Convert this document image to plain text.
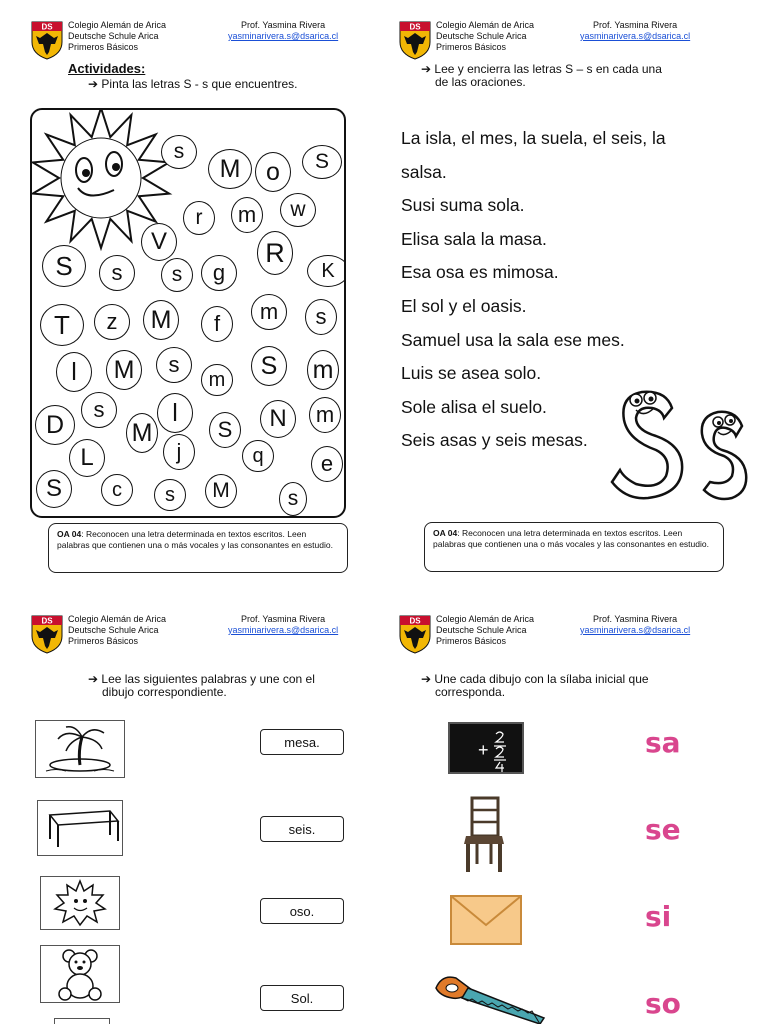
DS Colegio Alemán de Arica
Deutsche Schule Arica
Primeros Básicos
Prof. Yasmina Rivera
yasminarivera.s@dsarica.cl
DS Colegio Alemán de Arica
Deutsche Schule Arica
Primeros Básicos
Prof. Yasmina Rivera
yasminarivera.s@dsarica.cl
DS Colegio Alemán de Arica
Deutsche Schule Arica
Primeros Básicos
Prof. Yasmina Rivera
yasminarivera.s@dsarica.cl
DS Colegio Alemán de Arica
Deutsche Schule Arica
Primeros Básicos
Prof. Yasmina Rivera
yasminarivera.s@dsarica.cl
Actividades:
➔ Pinta las letras S - s que encuentres.
s
M	o	S
r	m	w
V
S	s	s	g
R
K
T	z	M	f	m	s
l	M	s
m	S	m
D
s	l
M	S	N	m
L	j	q	e
S	c	s	M	s
OA 04: Reconocen una letra determinada en textos escritos. Leen palabras que contienen una o más vocales y las consonantes en estudio.
➔ Lee y encierra las letras S – s en cada una
de las oraciones.
La isla, el mes, la suela, el seis, la
salsa.
Susi suma sola.
Elisa sala la masa.
Esa osa es mimosa.
El sol y el oasis.
Samuel usa la sala ese mes.
Luis se asea solo.
Sole alisa el suelo.
Seis asas y seis mesas.
OA 04: Reconocen una letra determinada en textos escritos. Leen palabras que contienen una o más vocales y las consonantes en estudio.
➔ Lee las siguientes palabras y une con el
dibujo correspondiente.
mesa.
seis.
oso.
Sol.
➔ Une cada dibujo con la sílaba inicial que
corresponda.
+	sa
se
si
so
